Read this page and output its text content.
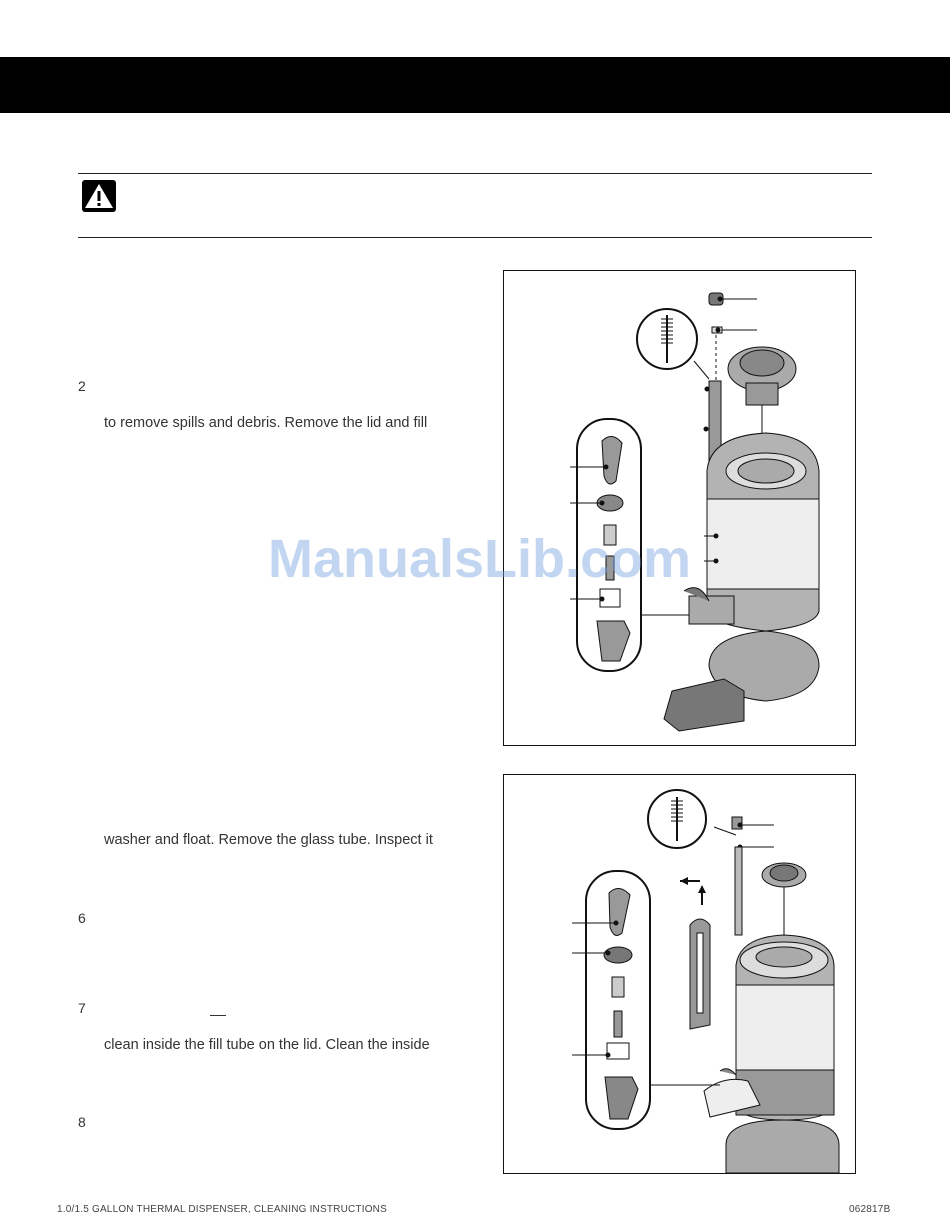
2
to remove spills and debris. Remove the lid and fill
washer and float. Remove the glass tube. Inspect it
6
7
clean inside the fill tube on the lid. Clean the inside
8
ManualsLib.com
1.0/1.5 GALLON THERMAL DISPENSER, CLEANING INSTRUCTIONS	062817B
